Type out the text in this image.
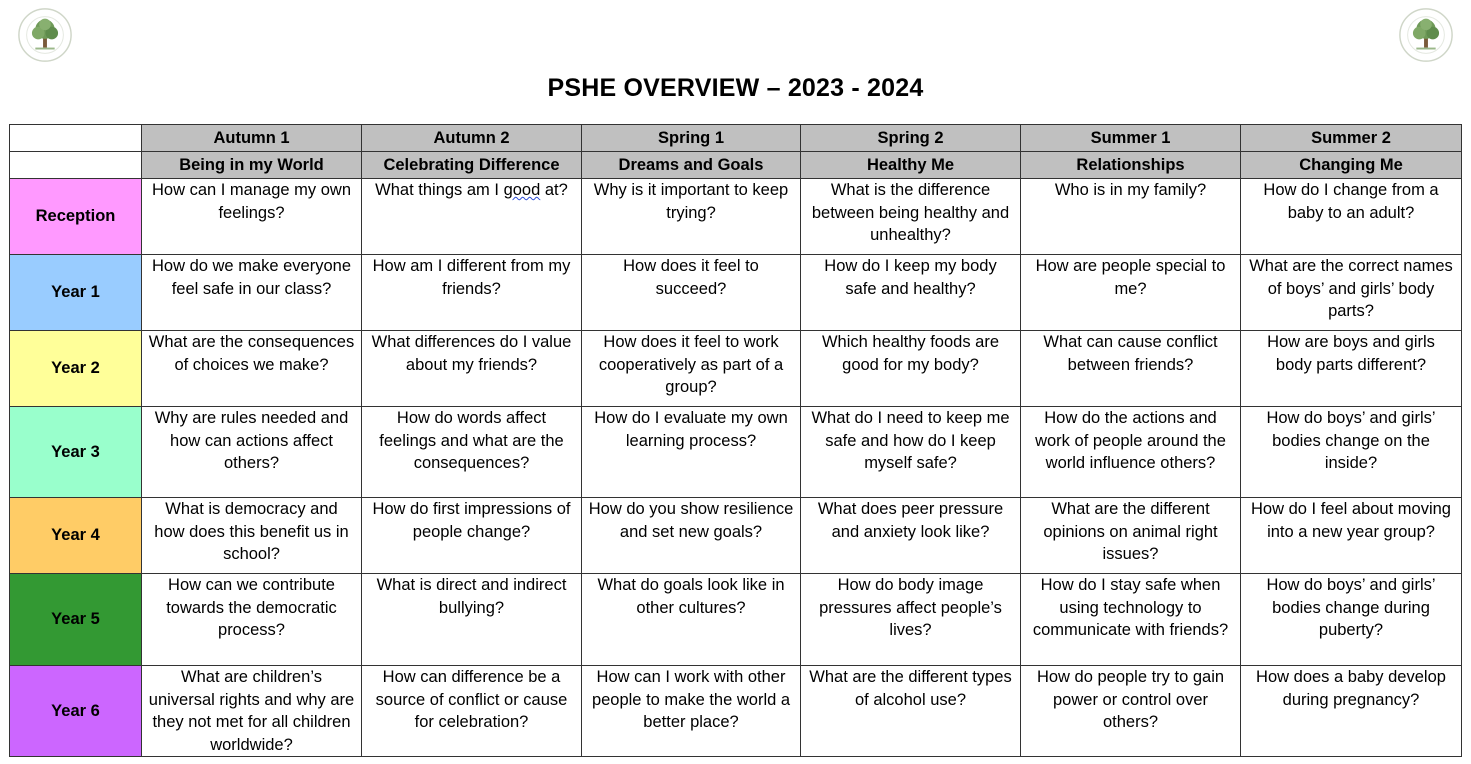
PSHE OVERVIEW – 2023 - 2024
	Autumn 1	Autumn 2	Spring 1	Spring 2	Summer 1	Summer 2
	Being in my World	Celebrating Difference	Dreams and Goals	Healthy Me	Relationships	Changing Me
Reception	How can I manage my own feelings?	What things am I good at?	Why is it important to keep trying?	What is the difference between being healthy and unhealthy?	Who is in my family?	How do I change from a baby to an adult?
Year 1	How do we make everyone feel safe in our class?	How am I different from my friends?	How does it feel to succeed?	How do I keep my body safe and healthy?	How are people special to me?	What are the correct names of boys’ and girls’ body parts?
Year 2	What are the consequences of choices we make?	What differences do I value about my friends?	How does it feel to work cooperatively as part of a group?	Which healthy foods are good for my body?	What can cause conflict between friends?	How are boys and girls body parts different?
Year 3	Why are rules needed and how can actions affect others?	How do words affect feelings and what are the consequences?	How do I evaluate my own learning process?	What do I need to keep me safe and how do I keep myself safe?	How do the actions and work of people around the world influence others?	How do boys’ and girls’ bodies change on the inside?
Year 4	What is democracy and how does this benefit us in school?	How do first impressions of people change?	How do you show resilience and set new goals?	What does peer pressure and anxiety look like?	What are the different opinions on animal right issues?	How do I feel about moving into a new year group?
Year 5	How can we contribute towards the democratic process?	What is direct and indirect bullying?	What do goals look like in other cultures?	How do body image pressures affect people’s lives?	How do I stay safe when using technology to communicate with friends?	How do boys’ and girls’ bodies change during puberty?
Year 6	What are children’s universal rights and why are they not met for all children worldwide?	How can difference be a source of conflict or cause for celebration?	How can I work with other people to make the world a better place?	What are the different types of alcohol use?	How do people try to gain power or control over others?	How does a baby develop during pregnancy?
